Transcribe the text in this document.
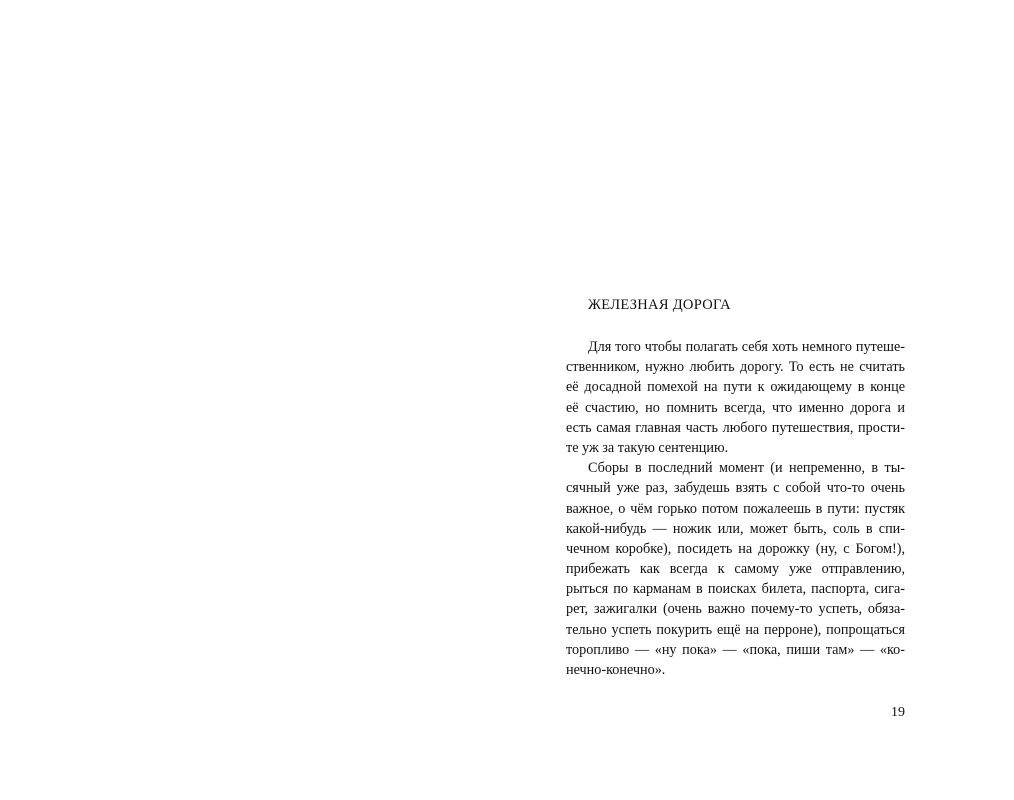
ЖЕЛЕЗНАЯ ДОРОГА
Для того чтобы полагать себя хоть немного путеше-
ственником, нужно любить дорогу. То есть не считать
её досадной помехой на пути к ожидающему в конце
её счастию, но помнить всегда, что именно дорога и
есть самая главная часть любого путешествия, прости-
те уж за такую сентенцию.
Сборы в последний момент (и непременно, в ты-
сячный уже раз, забудешь взять с собой что-то очень
важное, о чём горько потом пожалеешь в пути: пустяк
какой-нибудь — ножик или, может быть, соль в спи-
чечном коробке), посидеть на дорожку (ну, с Богом!),
прибежать как всегда к самому уже отправлению,
рыться по карманам в поисках билета, паспорта, сига-
рет, зажигалки (очень важно почему-то успеть, обяза-
тельно успеть покурить ещё на перроне), попрощаться
торопливо — «ну пока» — «пока, пиши там» — «ко-
нечно-конечно».

19
